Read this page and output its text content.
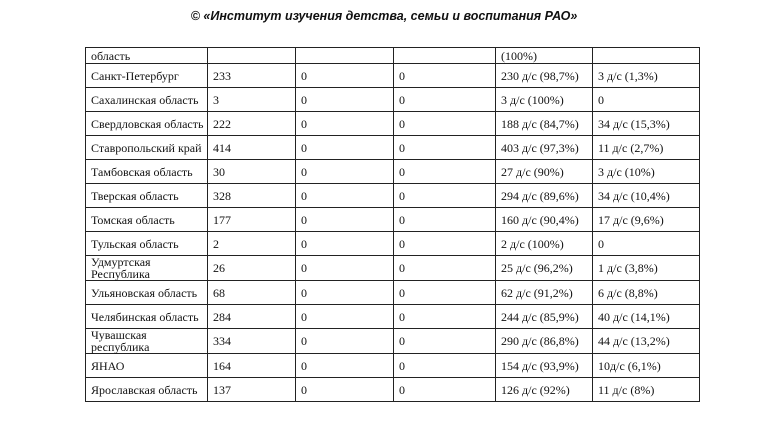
© «Институт изучения детства, семьи и воспитания РАО»
область				(100%)	
Санкт-Петербург	233	0	0	230 д/с (98,7%)	3 д/с (1,3%)
Сахалинская область	3	0	0	3 д/с (100%)	0
Свердловская область	222	0	0	188 д/с (84,7%)	34 д/с (15,3%)
Ставропольский край	414	0	0	403 д/с (97,3%)	11 д/с (2,7%)
Тамбовская область	30	0	0	27 д/с (90%)	3 д/с (10%)
Тверская область	328	0	0	294 д/с (89,6%)	34 д/с (10,4%)
Томская область	177	0	0	160 д/с (90,4%)	17 д/с (9,6%)
Тульская область	2	0	0	2 д/с (100%)	0
Удмуртская Республика	26	0	0	25 д/с (96,2%)	1 д/с (3,8%)
Ульяновская область	68	0	0	62 д/с (91,2%)	6 д/с (8,8%)
Челябинская область	284	0	0	244 д/с (85,9%)	40 д/с (14,1%)
Чувашская республика	334	0	0	290 д/с (86,8%)	44 д/с (13,2%)
ЯНАО	164	0	0	154 д/с (93,9%)	10д/с (6,1%)
Ярославская область	137	0	0	126 д/с (92%)	11 д/с (8%)
